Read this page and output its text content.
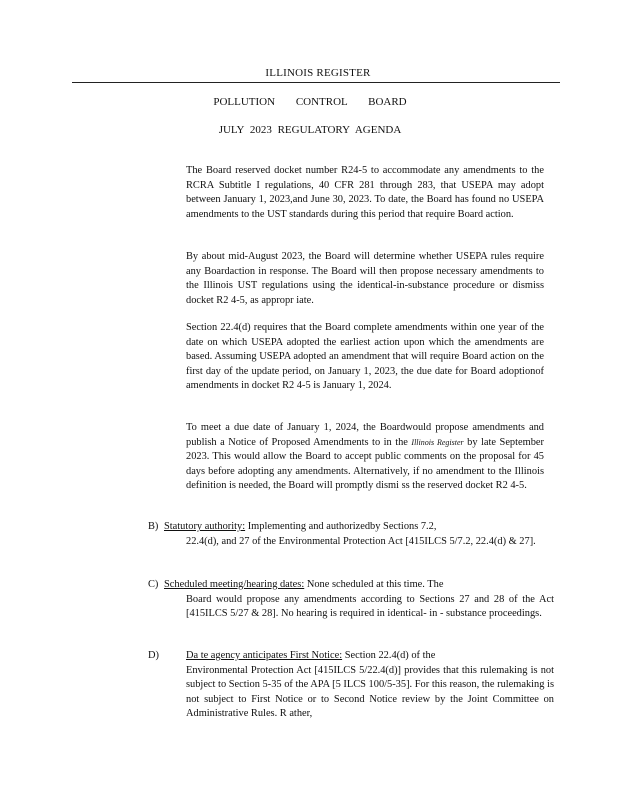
ILLINOIS REGISTER
POLLUTION CONTROL BOARD
JULY 2023 REGULATORY AGENDA
The Board reserved docket number R24-5 to accommodate any amendments to the RCRA Subtitle I regulations, 40 CFR 281 through 283, that USEPA may adopt between January 1, 2023,and June 30, 2023. To date, the Board has found no USEPA amendments to the UST standards during this period that require Board action.
By about mid-August 2023, the Board will determine whether USEPA rules require any Boardaction in response. The Board will then propose necessary amendments to the Illinois UST regulations using the identical-in-substance procedure or dismiss docket R2 4-5, as appropr iate.
Section 22.4(d) requires that the Board complete amendments within one year of the date on which USEPA adopted the earliest action upon which the amendments are based. Assuming USEPA adopted an amendment that will require Board action on the first day of the update period, on January 1, 2023, the due date for Board adoptionof amendments in docket R2 4-5 is January 1, 2024.
To meet a due date of January 1, 2024, the Boardwould propose amendments and publish a Notice of Proposed Amendments to in the Illinois Register by late September 2023. This would allow the Board to accept public comments on the proposal for 45 days before adopting any amendments. Alternatively, if no amendment to the Illinois definition is needed, the Board will promptly dismi ss the reserved docket R2 4-5.
B) Statutory authority: Implementing and authorizedby Sections 7.2,
22.4(d), and 27 of the Environmental Protection Act [415ILCS 5/7.2, 22.4(d) & 27].
C) Scheduled meeting/hearing dates: None scheduled at this time. The
Board would propose any amendments according to Sections 27 and 28 of the Act [415ILCS 5/27 & 28]. No hearing is required in identical- in - substance proceedings.
D)	Da te agency anticipates First Notice: Section 22.4(d) of the
Environmental Protection Act [415ILCS 5/22.4(d)] provides that this rulemaking is not subject to Section 5-35 of the APA [5 ILCS 100/5-35]. For this reason, the rulemaking is not subject to First Notice or to Second Notice review by the Joint Committee on Administrative Rules. R ather,
